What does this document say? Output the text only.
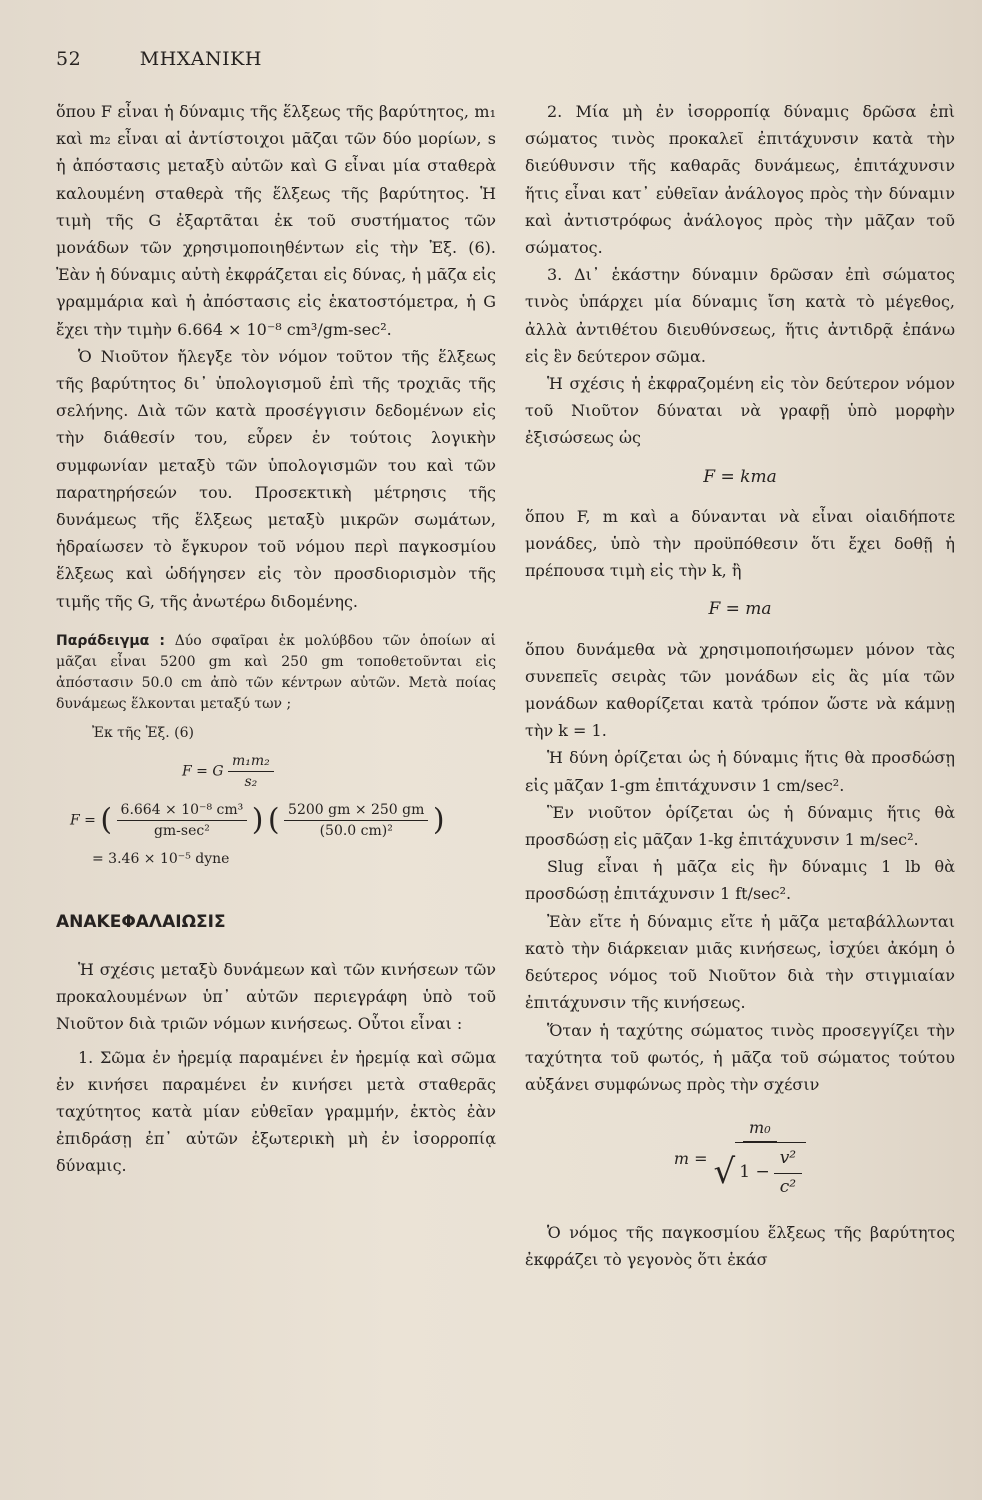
52	ΜΗΧΑΝΙΚΗ

ὅπου F εἶναι ἡ δύναμις τῆς ἕλξεως τῆς βαρύτητος, m₁ καὶ m₂ εἶναι αἱ ἀντίστοιχοι μᾶζαι τῶν δύο μορίων, s ἡ ἀπόστασις μεταξὺ αὐτῶν καὶ G εἶναι μία σταθερὰ καλουμένη σταθερὰ τῆς ἕλξεως τῆς βαρύτητος. Ἡ τιμὴ τῆς G ἐξαρτᾶται ἐκ τοῦ συστήματος τῶν μονάδων τῶν χρησιμοποιηθέντων εἰς τὴν Ἐξ. (6). Ἐὰν ἡ δύναμις αὐτὴ ἐκφράζεται εἰς δύνας, ἡ μᾶζα εἰς γραμμάρια καὶ ἡ ἀπόστασις εἰς ἑκατοστόμετρα, ἡ G ἔχει τὴν τιμὴν 6.664 × 10⁻⁸ cm³/gm-sec².

Ὁ Νιοῦτον ἤλεγξε τὸν νόμον τοῦτον τῆς ἕλξεως τῆς βαρύτητος δι᾽ ὑπολογισμοῦ ἐπὶ τῆς τροχιᾶς τῆς σελήνης. Διὰ τῶν κατὰ προσέγγισιν δεδομένων εἰς τὴν διάθεσίν του, εὗρεν ἐν τούτοις λογικὴν συμφωνίαν μεταξὺ τῶν ὑπολογισμῶν του καὶ τῶν παρατηρήσεών του. Προσεκτικὴ μέτρησις τῆς δυνάμεως τῆς ἕλξεως μεταξὺ μικρῶν σωμάτων, ἡδραίωσεν τὸ ἔγκυρον τοῦ νόμου περὶ παγκοσμίου ἕλξεως καὶ ὡδήγησεν εἰς τὸν προσδιορισμὸν τῆς τιμῆς τῆς G, τῆς ἀνωτέρω διδομένης.

Παράδειγμα : Δύο σφαῖραι ἐκ μολύβδου τῶν ὁποίων αἱ μᾶζαι εἶναι 5200 gm καὶ 250 gm τοποθετοῦνται εἰς ἀπόστασιν 50.0 cm ἀπὸ τῶν κέντρων αὐτῶν. Μετὰ ποίας δυνάμεως ἕλκονται μεταξύ των ;

Ἐκ τῆς Ἐξ. (6)
F = G $\frac{\text{m₁m₂}}{\text{s₂}}$
F = ( $\frac{\text{6.664 × 10⁻⁸ cm³}}{\text{gm-sec²}}$ ) ( $\frac{5200 gm \times 250 gm}{\text{(50.0 cm)²}}$ )
= 3.46 × 10⁻⁵ dyne
ΑΝΑΚΕΦΑΛΑΙΩΣΙΣ

Ἡ σχέσις μεταξὺ δυνάμεων καὶ τῶν κινήσεων τῶν προκαλουμένων ὑπ᾽ αὐτῶν περιεγράφη ὑπὸ τοῦ Νιοῦτον διὰ τριῶν νόμων κινήσεως. Οὗτοι εἶναι :

1. Σῶμα ἐν ἠρεμίᾳ παραμένει ἐν ἠρεμίᾳ καὶ σῶμα ἐν κινήσει παραμένει ἐν κινήσει μετὰ σταθερᾶς ταχύτητος κατὰ μίαν εὐθεῖαν γραμμήν, ἐκτὸς ἐὰν ἐπιδράσῃ ἐπ᾽ αὐτῶν ἐξωτερικὴ μὴ ἐν ἰσορροπίᾳ δύναμις.

2. Μία μὴ ἐν ἰσορροπίᾳ δύναμις δρῶσα ἐπὶ σώματος τινὸς προκαλεῖ ἐπιτάχυνσιν κατὰ τὴν διεύθυνσιν τῆς καθαρᾶς δυνάμεως, ἐπιτάχυνσιν ἥτις εἶναι κατ᾽ εὐθεῖαν ἀνάλογος πρὸς τὴν δύναμιν καὶ ἀντιστρόφως ἀνάλογος πρὸς τὴν μᾶζαν τοῦ σώματος.

3. Δι᾽ ἑκάστην δύναμιν δρῶσαν ἐπὶ σώματος τινὸς ὑπάρχει μία δύναμις ἴση κατὰ τὸ μέγεθος, ἀλλὰ ἀντιθέτου διευθύνσεως, ἥτις ἀντιδρᾷ ἐπάνω εἰς ἓν δεύτερον σῶμα.

Ἡ σχέσις ἡ ἐκφραζομένη εἰς τὸν δεύτερον νόμον τοῦ Νιοῦτον δύναται νὰ γραφῇ ὑπὸ μορφὴν ἐξισώσεως ὡς

F = kma

ὅπου F, m καὶ a δύνανται νὰ εἶναι οἱαιδήποτε μονάδες, ὑπὸ τὴν προϋπόθεσιν ὅτι ἔχει δοθῇ ἡ πρέπουσα τιμὴ εἰς τὴν k, ἢ

F = ma

ὅπου δυνάμεθα νὰ χρησιμοποιήσωμεν μόνον τὰς συνεπεῖς σειρὰς τῶν μονάδων εἰς ἃς μία τῶν μονάδων καθορίζεται κατὰ τρόπον ὥστε νὰ κάμνῃ τὴν k = 1.

Ἡ δύνη ὁρίζεται ὡς ἡ δύναμις ἥτις θὰ προσδώσῃ εἰς μᾶζαν 1-gm ἐπιτάχυνσιν 1 cm/sec².

Ἓν νιοῦτον ὁρίζεται ὡς ἡ δύναμις ἥτις θὰ προσδώσῃ εἰς μᾶζαν 1-kg ἐπιτάχυνσιν 1 m/sec².

Slug εἶναι ἡ μᾶζα εἰς ἣν δύναμις 1 lb θὰ προσδώσῃ ἐπιτάχυνσιν 1 ft/sec².

Ἐὰν εἴτε ἡ δύναμις εἴτε ἡ μᾶζα μεταβάλλωνται κατὸ τὴν διάρκειαν μιᾶς κινήσεως, ἰσχύει ἀκόμη ὁ δεύτερος νόμος τοῦ Νιοῦτον διὰ τὴν στιγμιαίαν ἐπιτάχυνσιν τῆς κινήσεως.

Ὅταν ἡ ταχύτης σώματος τινὸς προσεγγίζει τὴν ταχύτητα τοῦ φωτός, ἡ μᾶζα τοῦ σώματος τούτου αὐξάνει συμφώνως πρὸς τὴν σχέσιν

m =
m₀
√ $1 - \frac{\text{v²}}{\text{c²}}$

Ὁ νόμος τῆς παγκοσμίου ἕλξεως τῆς βαρύτητος ἐκφράζει τὸ γεγονὸς ὅτι ἑκάσ
